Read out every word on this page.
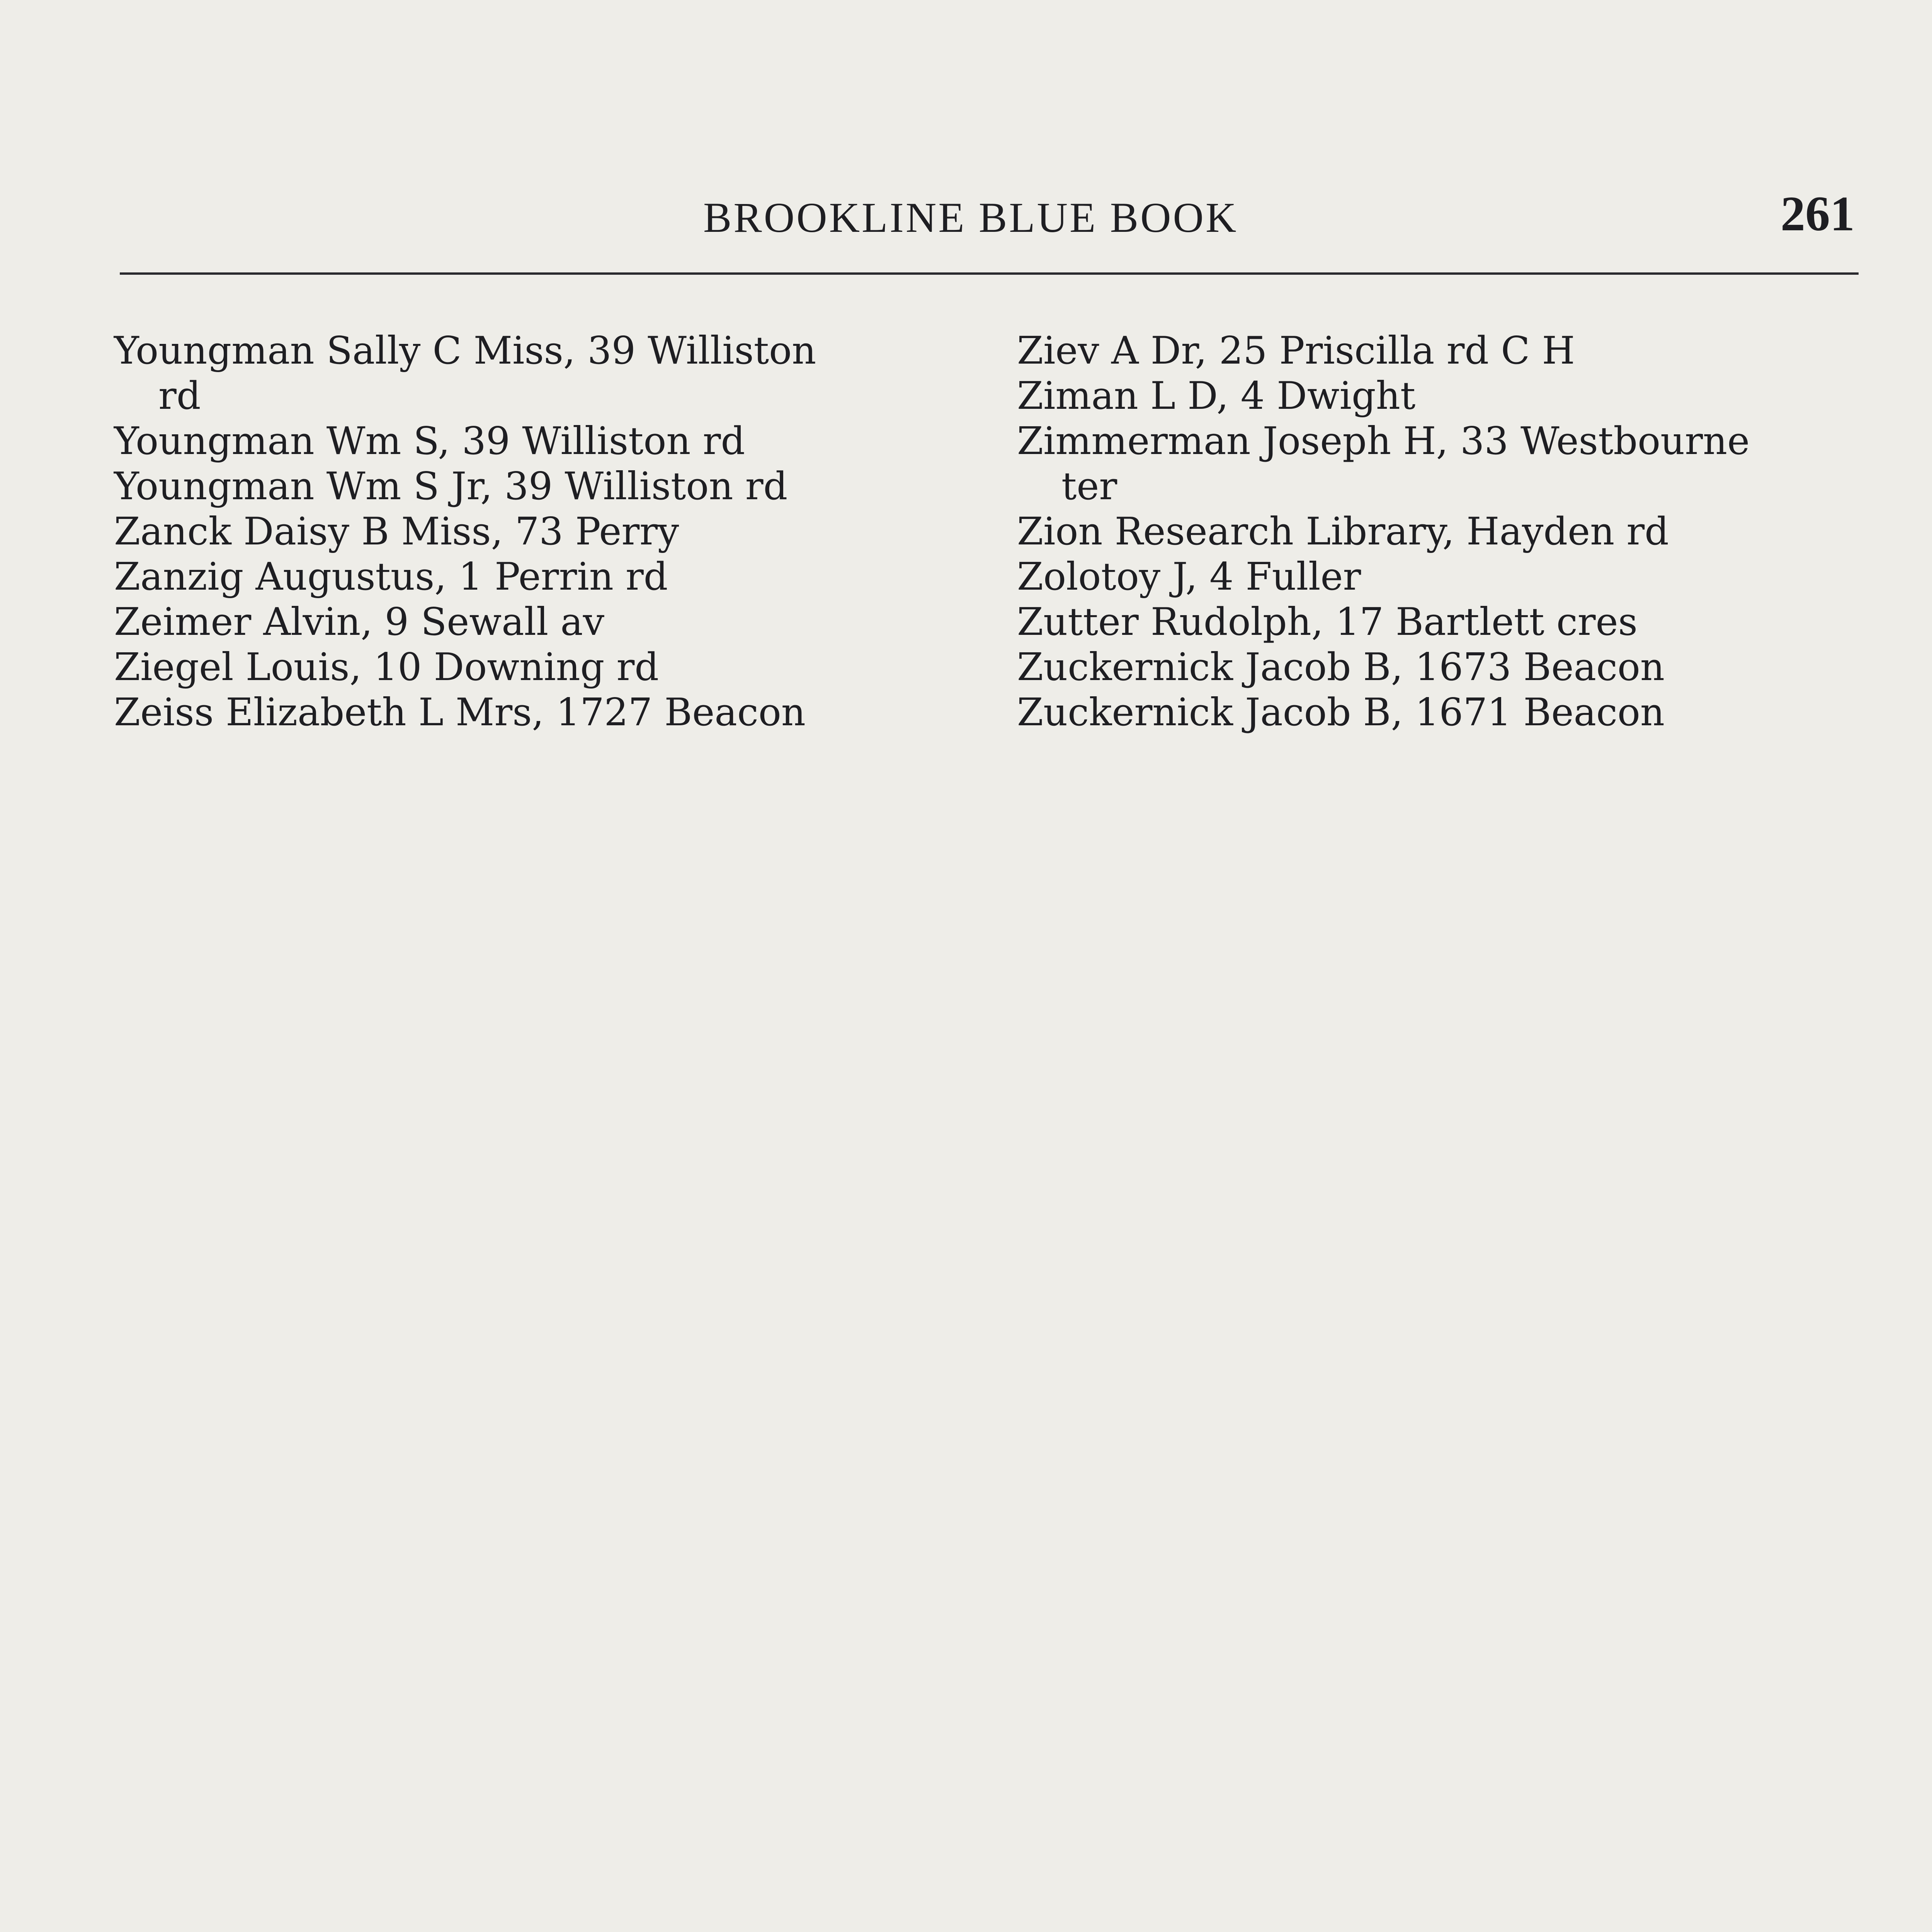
BROOKLINE BLUE BOOK	261
Youngman Sally C Miss, 39 Williston
rd
Youngman Wm S, 39 Williston rd
Youngman Wm S Jr, 39 Williston rd
Zanck Daisy B Miss, 73 Perry
Zanzig Augustus, 1 Perrin rd
Zeimer Alvin, 9 Sewall av
Ziegel Louis, 10 Downing rd
Zeiss Elizabeth L Mrs, 1727 Beacon
Ziev A Dr, 25 Priscilla rd C H
Ziman L D, 4 Dwight
Zimmerman Joseph H, 33 Westbourne
ter
Zion Research Library, Hayden rd
Zolotoy J, 4 Fuller
Zutter Rudolph, 17 Bartlett cres
Zuckernick Jacob B, 1673 Beacon
Zuckernick Jacob B, 1671 Beacon
